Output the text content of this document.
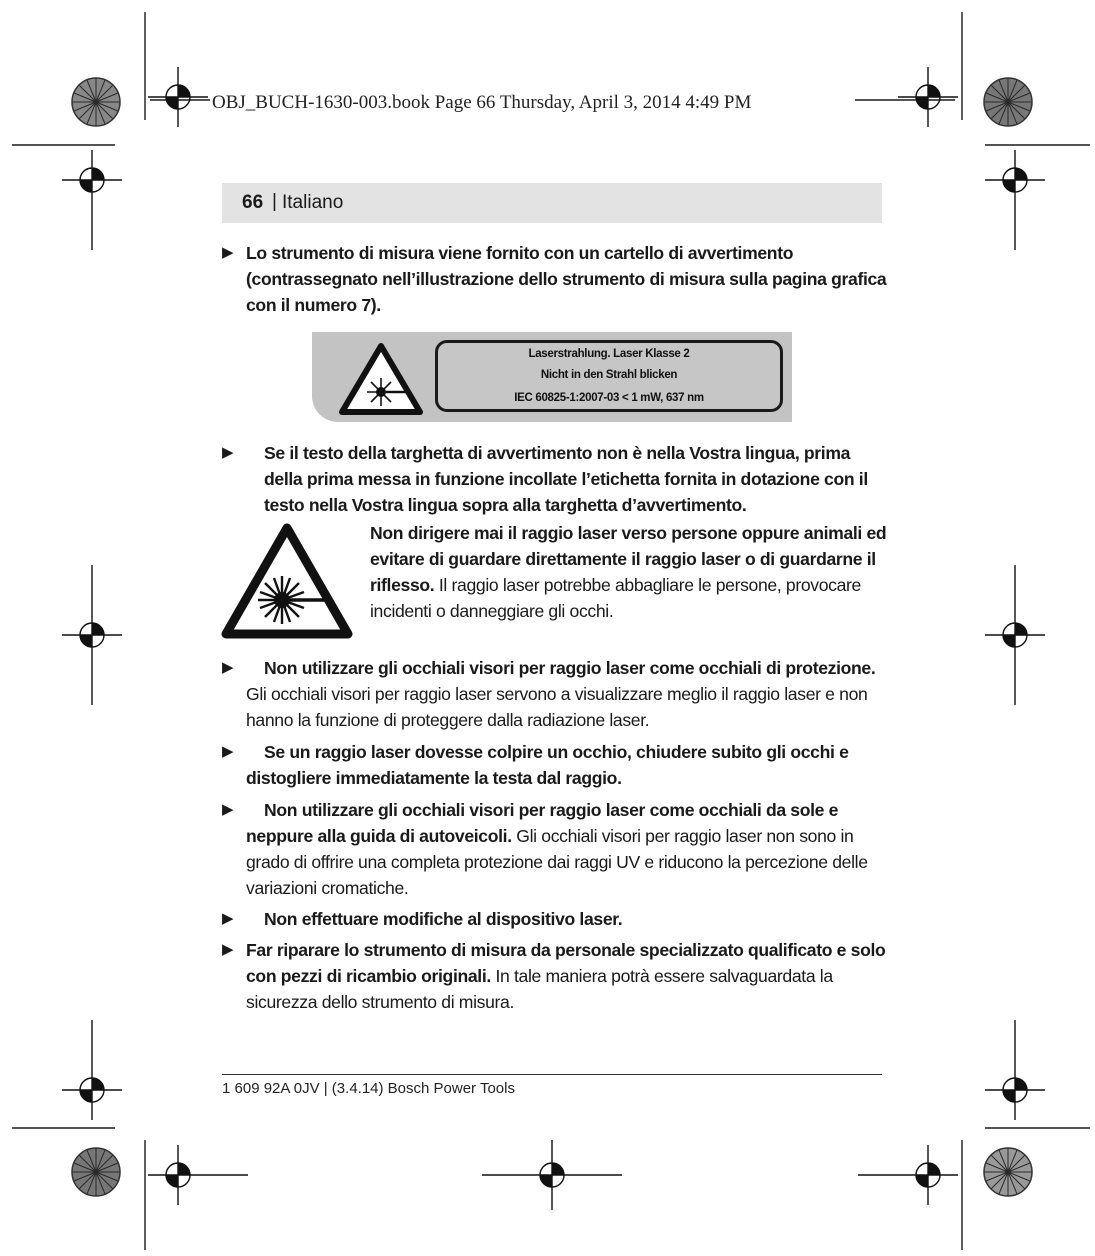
OBJ_BUCH-1630-003.book Page 66 Thursday, April 3, 2014 4:49 PM
66 | Italiano
▶ Lo strumento di misura viene fornito con un cartello di avvertimento (contrassegnato nell’illustrazione dello strumento di misura sulla pagina grafica con il numero 7).
Laserstrahlung. Laser Klasse 2
Nicht in den Strahl blicken
IEC 60825-1:2007-03 < 1 mW, 637 nm
▶ Se il testo della targhetta di avvertimento non è nella Vostra lingua, prima della prima messa in funzione incollate l’etichetta fornita in dotazione con il testo nella Vostra lingua sopra alla targhetta d’avvertimento.
Non dirigere mai il raggio laser verso persone oppure animali ed evitare di guardare direttamente il raggio laser o di guardarne il riflesso. Il raggio laser potrebbe abbagliare le persone, provocare incidenti o danneggiare gli occhi.
▶	Non utilizzare gli occhiali visori per raggio laser come occhiali di protezione. Gli occhiali visori per raggio laser servono a visualizzare meglio il raggio laser e non hanno la funzione di proteggere dalla radiazione laser.
▶	Se un raggio laser dovesse colpire un occhio, chiudere subito gli occhi e distogliere immediatamente la testa dal raggio.
▶	Non utilizzare gli occhiali visori per raggio laser come occhiali da sole e neppure alla guida di autoveicoli. Gli occhiali visori per raggio laser non sono in grado di offrire una completa protezione dai raggi UV e riducono la percezione delle variazioni cromatiche.
▶	Non effettuare modifiche al dispositivo laser.
▶ Far riparare lo strumento di misura da personale specializzato qualificato e solo con pezzi di ricambio originali. In tale maniera potrà essere salvaguardata la sicurezza dello strumento di misura.
1 609 92A 0JV | (3.4.14) Bosch Power Tools
